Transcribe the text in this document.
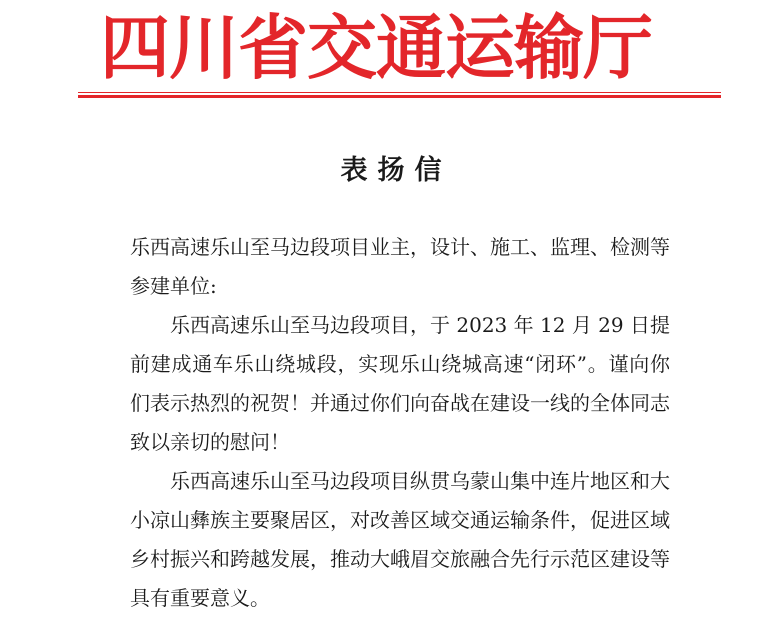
四川省交通运输厅
表扬信

乐西高速乐山至马边段项目业主，设计、施工、监理、检测等参建单位:

乐西高速乐山至马边段项目，于 2023 年 12 月 29 日提前建成通车乐山绕城段，实现乐山绕城高速“闭环”。谨向你们表示热烈的祝贺！并通过你们向奋战在建设一线的全体同志致以亲切的慰问！

乐西高速乐山至马边段项目纵贯乌蒙山集中连片地区和大小凉山彝族主要聚居区，对改善区域交通运输条件，促进区域乡村振兴和跨越发展，推动大峨眉交旅融合先行示范区建设等具有重要意义。
